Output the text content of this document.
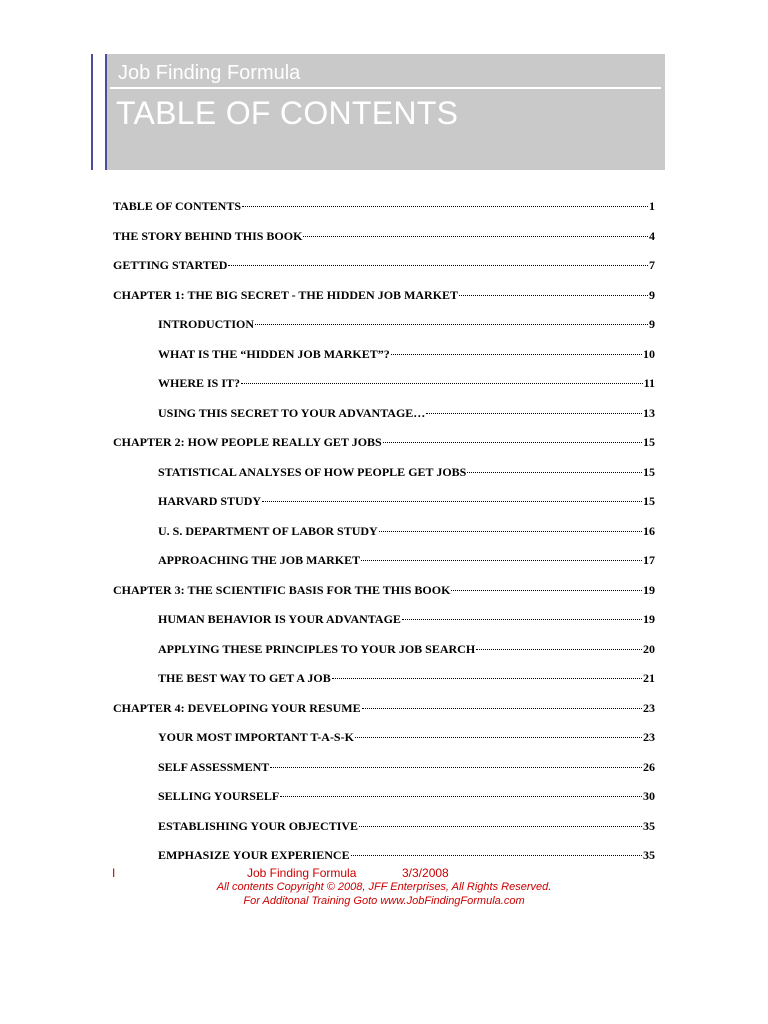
Job Finding Formula
TABLE OF CONTENTS
TABLE OF CONTENTS	1
THE STORY BEHIND THIS BOOK	4
GETTING STARTED	7
CHAPTER 1: THE BIG SECRET - THE HIDDEN JOB MARKET	9
INTRODUCTION	9
WHAT IS THE “HIDDEN JOB MARKET”?	10
WHERE IS IT?	11
USING THIS SECRET TO YOUR ADVANTAGE…	13
CHAPTER 2: HOW PEOPLE REALLY GET JOBS	15
STATISTICAL ANALYSES OF HOW PEOPLE GET JOBS	15
HARVARD STUDY	15
U. S. DEPARTMENT OF LABOR STUDY	16
APPROACHING THE JOB MARKET	17
CHAPTER 3: THE SCIENTIFIC BASIS FOR THE THIS BOOK	19
HUMAN BEHAVIOR IS YOUR ADVANTAGE	19
APPLYING THESE PRINCIPLES TO YOUR JOB SEARCH	20
THE BEST WAY TO GET A JOB	21
CHAPTER 4: DEVELOPING YOUR RESUME	23
YOUR MOST IMPORTANT T-A-S-K	23
SELF ASSESSMENT	26
SELLING YOURSELF	30
ESTABLISHING YOUR OBJECTIVE	35
EMPHASIZE YOUR EXPERIENCE	35
I	Job Finding Formula	3/3/2008
All contents Copyright © 2008, JFF Enterprises, All Rights Reserved.
For Additonal Training Goto www.JobFindingFormula.com
